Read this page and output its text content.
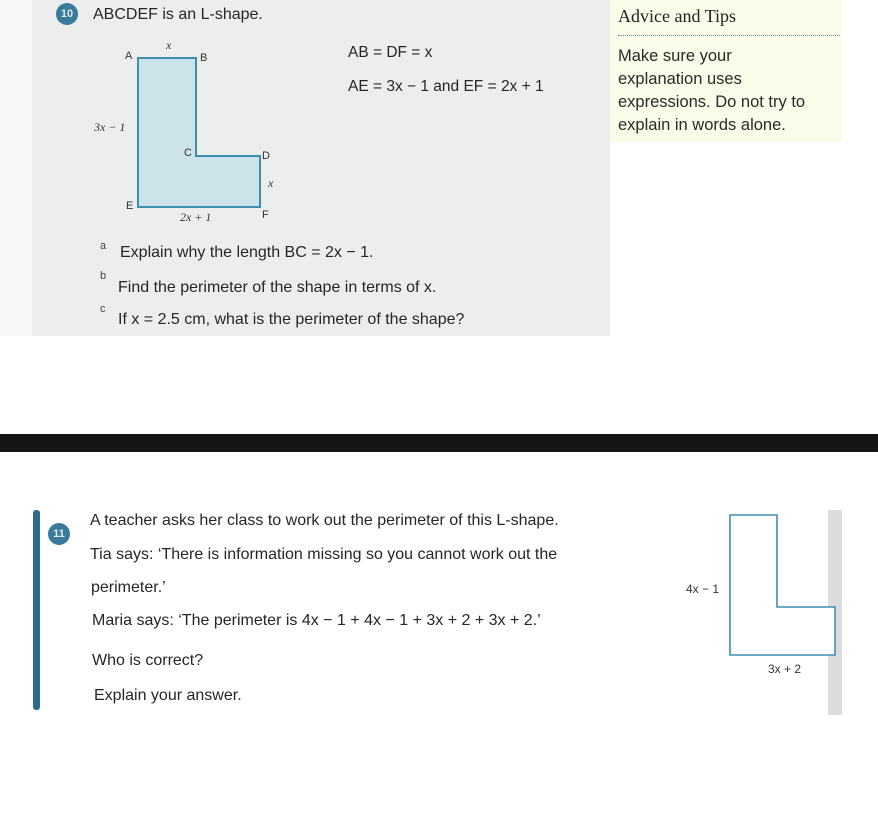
10	ABCDEF is an L-shape.
A	B
C	D
E
F
x
3x − 1
x
2x + 1
AB = DF = x
AE = 3x − 1 and EF = 2x + 1
a Explain why the length BC = 2x − 1.
b
Find the perimeter of the shape in terms of x.
c
If x = 2.5 cm, what is the perimeter of the shape?
Advice and Tips
Make sure your
explanation uses
expressions. Do not try to
explain in words alone.
11
A teacher asks her class to work out the perimeter of this L-shape.
Tia says: ‘There is information missing so you cannot work out the
perimeter.’
Maria says: ‘The perimeter is 4x − 1 + 4x − 1 + 3x + 2 + 3x + 2.’
Who is correct?
Explain your answer.
4x − 1
3x + 2
